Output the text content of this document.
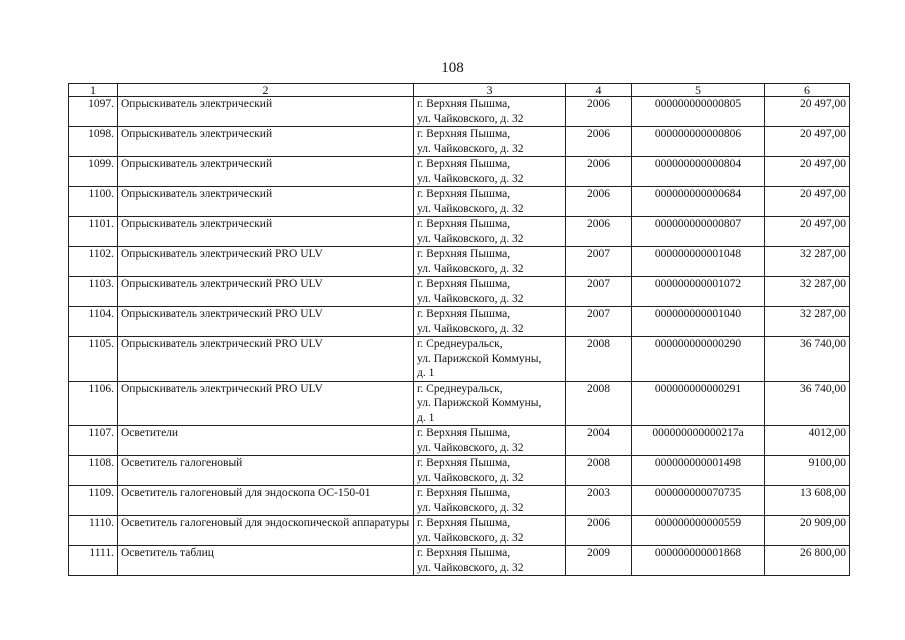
108
1	2	3	4	5	6
1097.	Опрыскиватель электрический	г. Верхняя Пышма,
ул. Чайковского, д. 32	2006	000000000000805	20 497,00
1098.	Опрыскиватель электрический	г. Верхняя Пышма,
ул. Чайковского, д. 32	2006	000000000000806	20 497,00
1099.	Опрыскиватель электрический	г. Верхняя Пышма,
ул. Чайковского, д. 32	2006	000000000000804	20 497,00
1100.	Опрыскиватель электрический	г. Верхняя Пышма,
ул. Чайковского, д. 32	2006	000000000000684	20 497,00
1101.	Опрыскиватель электрический	г. Верхняя Пышма,
ул. Чайковского, д. 32	2006	000000000000807	20 497,00
1102.	Опрыскиватель электрический PRO ULV	г. Верхняя Пышма,
ул. Чайковского, д. 32	2007	000000000001048	32 287,00
1103.	Опрыскиватель электрический PRO ULV	г. Верхняя Пышма,
ул. Чайковского, д. 32	2007	000000000001072	32 287,00
1104.	Опрыскиватель электрический PRO ULV	г. Верхняя Пышма,
ул. Чайковского, д. 32	2007	000000000001040	32 287,00
1105.	Опрыскиватель электрический PRO ULV	г. Среднеуральск,
ул. Парижской Коммуны,
д. 1	2008	000000000000290	36 740,00
1106.	Опрыскиватель электрический PRO ULV	г. Среднеуральск,
ул. Парижской Коммуны,
д. 1	2008	000000000000291	36 740,00
1107.	Осветители	г. Верхняя Пышма,
ул. Чайковского, д. 32	2004	000000000000217а	4012,00
1108.	Осветитель галогеновый	г. Верхняя Пышма,
ул. Чайковского, д. 32	2008	000000000001498	9100,00
1109.	Осветитель галогеновый для эндоскопа ОС-150-01	г. Верхняя Пышма,
ул. Чайковского, д. 32	2003	000000000070735	13 608,00
1110.	Осветитель галогеновый для эндоскопической аппаратуры	г. Верхняя Пышма,
ул. Чайковского, д. 32	2006	000000000000559	20 909,00
1111.	Осветитель таблиц	г. Верхняя Пышма,
ул. Чайковского, д. 32	2009	000000000001868	26 800,00
